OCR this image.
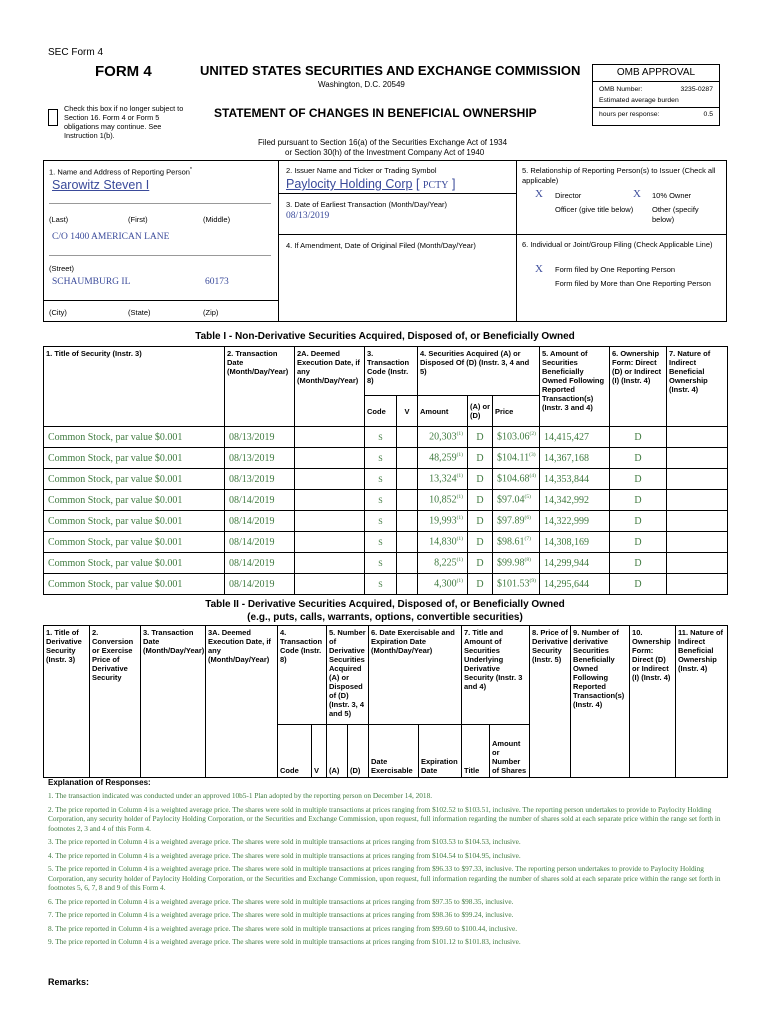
SEC Form 4
FORM 4	UNITED STATES SECURITIES AND EXCHANGE COMMISSION
Washington, D.C. 20549
Check this box if no longer subject to Section 16. Form 4 or Form 5 obligations may continue. See Instruction 1(b).
STATEMENT OF CHANGES IN BENEFICIAL OWNERSHIP
Filed pursuant to Section 16(a) of the Securities Exchange Act of 1934
or Section 30(h) of the Investment Company Act of 1940
OMB APPROVAL
OMB Number:	3235-0287
Estimated average burden
hours per response:	0.5
1. Name and Address of Reporting Person*
Sarowitz Steven I
(Last)	(First)	(Middle)
C/O 1400 AMERICAN LANE
(Street)
SCHAUMBURG IL	60173
(City)	(State)	(Zip)
2. Issuer Name and Ticker or Trading Symbol
Paylocity Holding Corp [ PCTY ]
3. Date of Earliest Transaction (Month/Day/Year)
08/13/2019
4. If Amendment, Date of Original Filed (Month/Day/Year)
5. Relationship of Reporting Person(s) to Issuer (Check all applicable)
X Director	X 10% Owner
Officer (give title below)	Other (specify below)
6. Individual or Joint/Group Filing (Check Applicable Line)
X Form filed by One Reporting Person
Form filed by More than One Reporting Person
Table I - Non-Derivative Securities Acquired, Disposed of, or Beneficially Owned
1. Title of Security (Instr. 3)	2. Transaction Date (Month/Day/Year)	2A. Deemed Execution Date, if any (Month/Day/Year)	3. Transaction Code (Instr. 8)		4. Securities Acquired (A) or Disposed Of (D) (Instr. 3, 4 and 5)			5. Amount of Securities Beneficially Owned Following Reported Transaction(s) (Instr. 3 and 4)	6. Ownership Form: Direct (D) or Indirect (I) (Instr. 4)	7. Nature of Indirect Beneficial Ownership (Instr. 4)
			Code	V	Amount	(A) or (D)	Price			
Common Stock, par value $0.001	08/13/2019		S		20,303$^{(1)}$	D	$103.06$^{(2)}$	14,415,427	D	
Common Stock, par value $0.001	08/13/2019		S		48,259$^{(1)}$	D	$104.11$^{(3)}$	14,367,168	D	
Common Stock, par value $0.001	08/13/2019		S		13,324$^{(1)}$	D	$104.68$^{(4)}$	14,353,844	D	
Common Stock, par value $0.001	08/14/2019		S		10,852$^{(1)}$	D	$97.04$^{(5)}$	14,342,992	D	
Common Stock, par value $0.001	08/14/2019		S		19,993$^{(1)}$	D	$97.89$^{(6)}$	14,322,999	D	
Common Stock, par value $0.001	08/14/2019		S		14,830$^{(1)}$	D	$98.61$^{(7)}$	14,308,169	D	
Common Stock, par value $0.001	08/14/2019		S		8,225$^{(1)}$	D	$99.98$^{(8)}$	14,299,944	D	
Common Stock, par value $0.001	08/14/2019		S		4,300$^{(1)}$	D	$101.53$^{(9)}$	14,295,644	D	
Table II - Derivative Securities Acquired, Disposed of, or Beneficially Owned
(e.g., puts, calls, warrants, options, convertible securities)
1. Title of Derivative Security (Instr. 3)	2. Conversion or Exercise Price of Derivative Security	3. Transaction Date (Month/Day/Year)	3A. Deemed Execution Date, if any (Month/Day/Year)	4. Transaction Code (Instr. 8)		5. Number of Derivative Securities Acquired (A) or Disposed of (D) (Instr. 3, 4 and 5)		6. Date Exercisable and Expiration Date (Month/Day/Year)		7. Title and Amount of Securities Underlying Derivative Security (Instr. 3 and 4)		8. Price of Derivative Security (Instr. 5)	9. Number of derivative Securities Beneficially Owned Following Reported Transaction(s) (Instr. 4)	10. Ownership Form: Direct (D) or Indirect (I) (Instr. 4)	11. Nature of Indirect Beneficial Ownership (Instr. 4)
				Code	V	(A)	(D)	Date Exercisable	Expiration Date	Title	Amount or Number of Shares				
Explanation of Responses:

1. The transaction indicated was conducted under an approved 10b5-1 Plan adopted by the reporting person on December 14, 2018.

2. The price reported in Column 4 is a weighted average price. The shares were sold in multiple transactions at prices ranging from $102.52 to $103.51, inclusive. The reporting person undertakes to provide to Paylocity Holding Corporation, any security holder of Paylocity Holding Corporation, or the Securities and Exchange Commission, upon request, full information regarding the number of shares sold at each separate price within the range set forth in footnotes 2, 3 and 4 of this Form 4.

3. The price reported in Column 4 is a weighted average price. The shares were sold in multiple transactions at prices ranging from $103.53 to $104.53, inclusive.

4. The price reported in Column 4 is a weighted average price. The shares were sold in multiple transactions at prices ranging from $104.54 to $104.95, inclusive.

5. The price reported in Column 4 is a weighted average price. The shares were sold in multiple transactions at prices ranging from $96.33 to $97.33, inclusive. The reporting person undertakes to provide to Paylocity Holding Corporation, any security holder of Paylocity Holding Corporation, or the Securities and Exchange Commission, upon request, full information regarding the number of shares sold at each separate price within the range set forth in footnotes 5, 6, 7, 8 and 9 of this Form 4.

6. The price reported in Column 4 is a weighted average price. The shares were sold in multiple transactions at prices ranging from $97.35 to $98.35, inclusive.

7. The price reported in Column 4 is a weighted average price. The shares were sold in multiple transactions at prices ranging from $98.36 to $99.24, inclusive.

8. The price reported in Column 4 is a weighted average price. The shares were sold in multiple transactions at prices ranging from $99.60 to $100.44, inclusive.

9. The price reported in Column 4 is a weighted average price. The shares were sold in multiple transactions at prices ranging from $101.12 to $101.83, inclusive.

Remarks:
